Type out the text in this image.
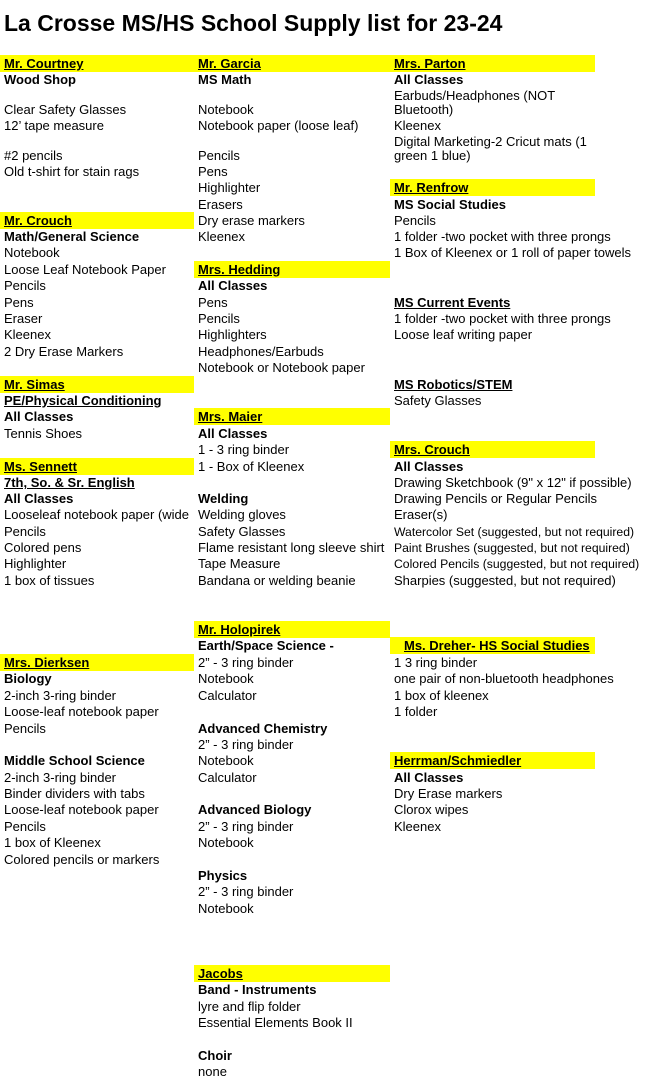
La Crosse MS/HS School Supply list for 23-24
Mr. Courtney
Wood Shop
Clear Safety Glasses
12’ tape measure
#2 pencils
Old t-shirt for stain rags
Mr. Crouch
Math/General Science
Notebook
Loose Leaf Notebook Paper
Pencils
Pens
Eraser
Kleenex
2 Dry Erase Markers
Mr. Simas
PE/Physical Conditioning
All Classes
Tennis Shoes
Ms. Sennett
7th, So. & Sr. English
All Classes
Looseleaf notebook paper (wide
Pencils
Colored pens
Highlighter
1 box of tissues
Mrs. Dierksen
Biology
2-inch 3-ring binder
Loose-leaf notebook paper
Pencils
Middle School Science
2-inch 3-ring binder
Binder dividers with tabs
Loose-leaf notebook paper
Pencils
1 box of Kleenex
Colored pencils or markers
Mr. Garcia
MS Math
Notebook
Notebook paper (loose leaf)
Pencils
Pens
Highlighter
Erasers
Dry erase markers
Kleenex
Mrs. Hedding
All Classes
Pens
Pencils
Highlighters
Headphones/Earbuds
Notebook or Notebook paper
Mrs. Maier
All Classes
1 - 3 ring binder
1 - Box of Kleenex
Welding
Welding gloves
Safety Glasses
Flame resistant long sleeve shirt
Tape Measure
Bandana or welding beanie
Mr. Holopirek
Earth/Space Science -
2” - 3 ring binder
Notebook
Calculator
Advanced Chemistry
2” - 3 ring binder
Notebook
Calculator
Advanced Biology
2” - 3 ring binder
Notebook
Physics
2” - 3 ring binder
Notebook
Jacobs
Band - Instruments
lyre and flip folder
Essential Elements Book II
Choir
none
Mrs. Parton
All Classes
Earbuds/Headphones (NOT
Bluetooth)
Kleenex
Digital Marketing-2 Cricut mats (1
green 1 blue)
Mr. Renfrow
MS Social Studies
Pencils
1 folder -two pocket with three prongs
1 Box of Kleenex or 1 roll of paper towels
MS Current Events
1 folder -two pocket with three prongs
Loose leaf writing paper
MS Robotics/STEM
Safety Glasses
Mrs. Crouch
All Classes
Drawing Sketchbook (9" x 12" if possible)
Drawing Pencils or Regular Pencils
Eraser(s)
Watercolor Set (suggested, but not required)
Paint Brushes (suggested, but not required)
Colored Pencils (suggested, but not required)
Sharpies (suggested, but not required)
Ms. Dreher- HS Social Studies
1 3 ring binder
one pair of non-bluetooth headphones
1 box of kleenex
1 folder
Herrman/Schmiedler
All Classes
Dry Erase markers
Clorox wipes
Kleenex
